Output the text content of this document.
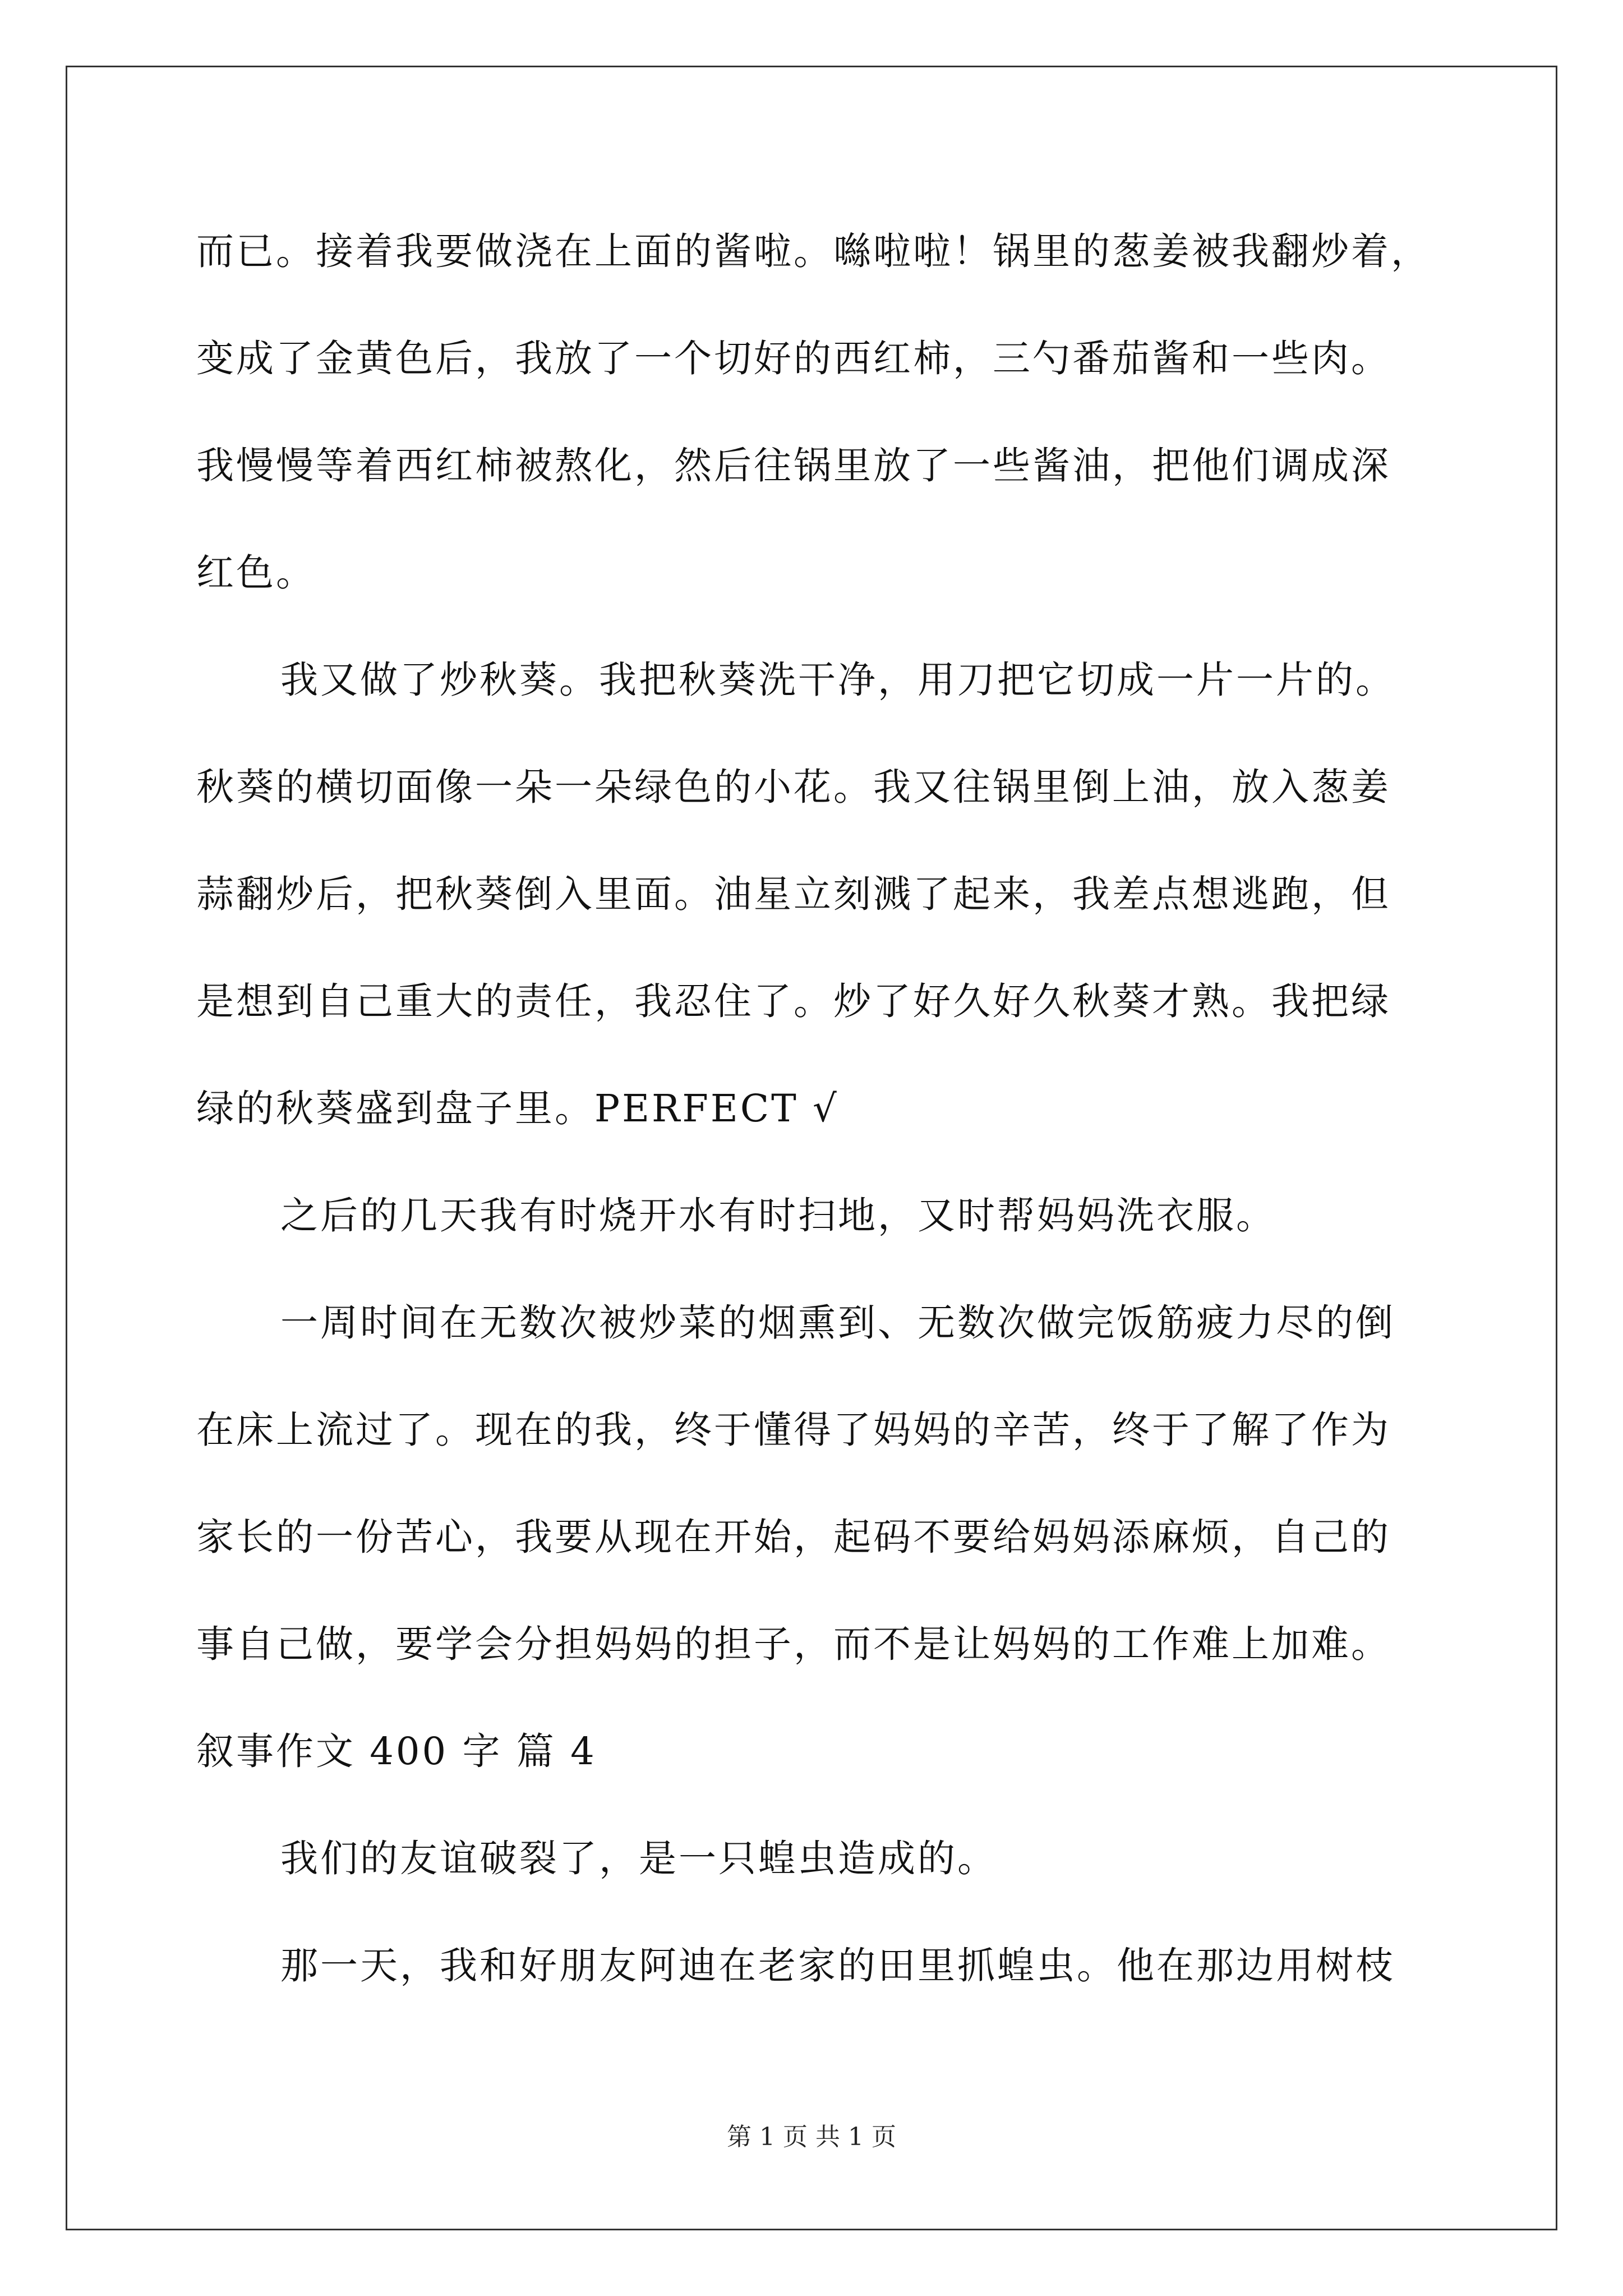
而已。接着我要做浇在上面的酱啦。噝啦啦！锅里的葱姜被我翻炒着，
变成了金黄色后，我放了一个切好的西红柿，三勺番茄酱和一些肉。
我慢慢等着西红柿被熬化，然后往锅里放了一些酱油，把他们调成深
红色。
我又做了炒秋葵。我把秋葵洗干净，用刀把它切成一片一片的。
秋葵的横切面像一朵一朵绿色的小花。我又往锅里倒上油，放入葱姜
蒜翻炒后，把秋葵倒入里面。油星立刻溅了起来，我差点想逃跑，但
是想到自己重大的责任，我忍住了。炒了好久好久秋葵才熟。我把绿
绿的秋葵盛到盘子里。PERFECT √
之后的几天我有时烧开水有时扫地，又时帮妈妈洗衣服。
一周时间在无数次被炒菜的烟熏到、无数次做完饭筋疲力尽的倒
在床上流过了。现在的我，终于懂得了妈妈的辛苦，终于了解了作为
家长的一份苦心，我要从现在开始，起码不要给妈妈添麻烦，自己的
事自己做，要学会分担妈妈的担子，而不是让妈妈的工作难上加难。
叙事作文 400 字 篇 4
我们的友谊破裂了，是一只蝗虫造成的。
那一天，我和好朋友阿迪在老家的田里抓蝗虫。他在那边用树枝
第 1 页 共 1 页
